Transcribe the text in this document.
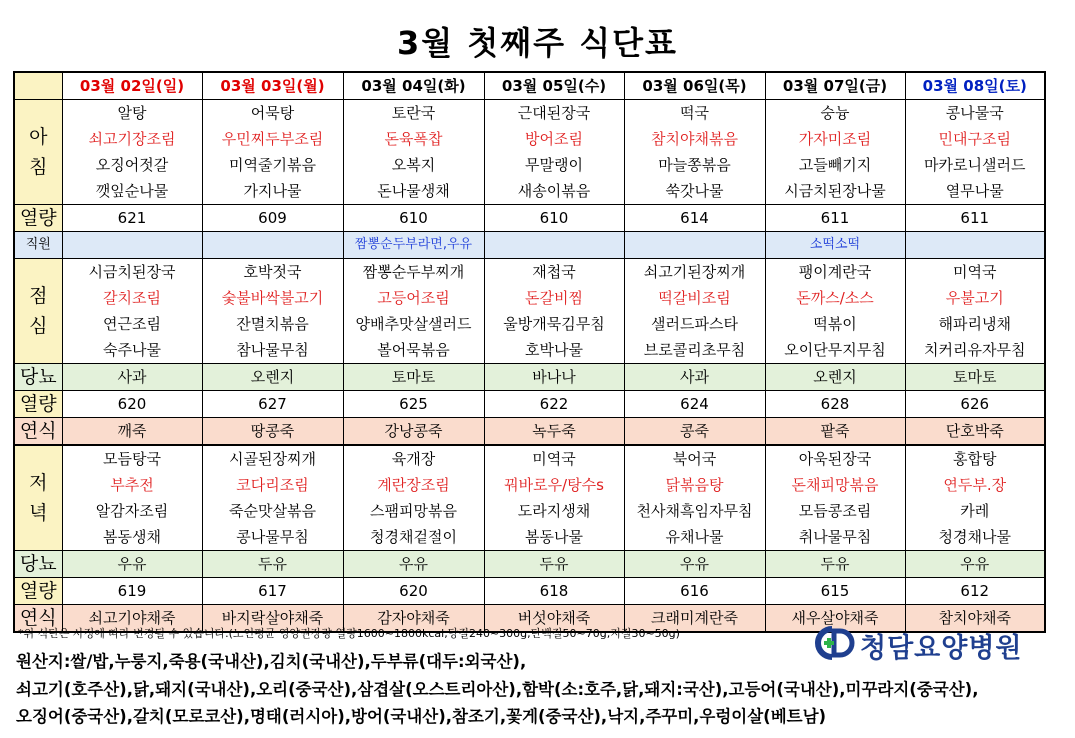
3월 첫째주 식단표
	03월 02일(일)	03월 03일(월)	03월 04일(화)	03월 05일(수)	03월 06일(목)	03월 07일(금)	03월 08일(토)

아
침	알탕	어묵탕	토란국	근대된장국	떡국	숭늉	콩나물국
	쇠고기장조림	우민찌두부조림	돈육폭찹	방어조림	참치야채볶음	가자미조림	민대구조림
	오징어젓갈	미역줄기볶음	오복지	무말랭이	마늘쫑볶음	고들빼기지	마카로니샐러드
	깻잎순나물	가지나물	돈나물생채	새송이볶음	쑥갓나물	시금치된장나물	열무나물
열량	621	609	610	610	614	611	611
직원			짬뽕순두부라면,우유			소떡소떡	

점
심	시금치된장국	호박젓국	짬뽕순두부찌개	재첩국	쇠고기된장찌개	팽이계란국	미역국
	갈치조림	숯불바싹불고기	고등어조림	돈갈비찜	떡갈비조림	돈까스/소스	우불고기
	연근조림	잔멸치볶음	양배추맛살샐러드	울방개묵김무침	샐러드파스타	떡볶이	해파리냉채
	숙주나물	참나물무침	볼어묵볶음	호박나물	브로콜리초무침	오이단무지무침	치커리유자무침
당뇨	사과	오렌지	토마토	바나나	사과	오렌지	토마토
열량	620	627	625	622	624	628	626
연식	깨죽	땅콩죽	강낭콩죽	녹두죽	콩죽	팥죽	단호박죽

저
녁	모듬탕국	시골된장찌개	육개장	미역국	북어국	아욱된장국	홍합탕
	부추전	코다리조림	계란장조림	꿔바로우/탕수s	닭볶음탕	돈채피망볶음	연두부.장
	알감자조림	죽순맛살볶음	스팸피망볶음	도라지생채	천사채흑임자무침	모듬콩조림	카레
	봄동생채	콩나물무침	청경채겉절이	봄동나물	유채나물	취나물무침	청경채나물
당뇨	우유	두유	우유	두유	우유	두유	우유
열량	619	617	620	618	616	615	612
연식	쇠고기야채죽	바지락살야채죽	감자야채죽	버섯야채죽	크래미계란죽	새우살야채죽	참치야채죽
*위 식단은 사정에 따라 변경될 수 있습니다.(노인평균 영양권장량 열량1600~1800kcal,당질240~300g,단백질50~70g,지질30~50g)	청담요양병원
원산지:쌀/밥,누룽지,죽용(국내산),김치(국내산),두부류(대두:외국산),
쇠고기(호주산),닭,돼지(국내산),오리(중국산),삼겹살(오스트리아산),함박(소:호주,닭,돼지:국산),고등어(국내산),미꾸라지(중국산),
오징어(중국산),갈치(모로코산),명태(러시아),방어(국내산),참조기,꽃게(중국산),낙지,주꾸미,우렁이살(베트남)
